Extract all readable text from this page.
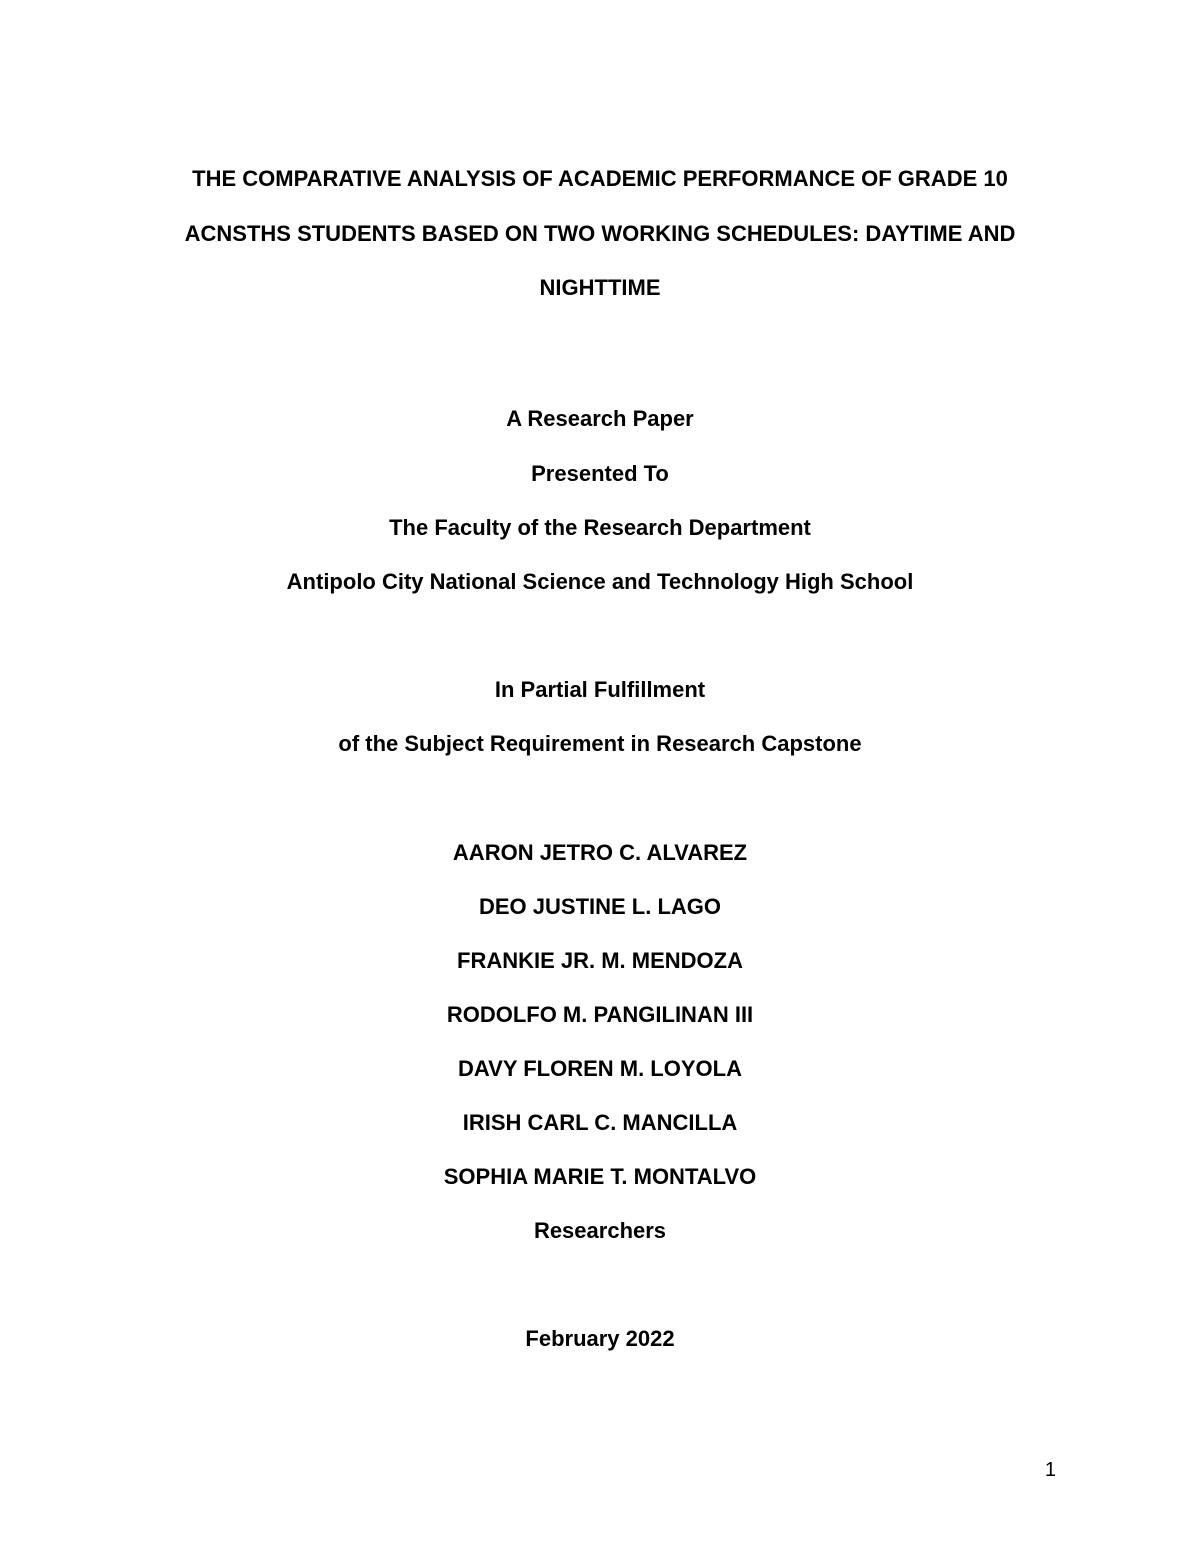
THE COMPARATIVE ANALYSIS OF ACADEMIC PERFORMANCE OF GRADE 10
ACNSTHS STUDENTS BASED ON TWO WORKING SCHEDULES: DAYTIME AND
NIGHTTIME
A Research Paper
Presented To
The Faculty of the Research Department
Antipolo City National Science and Technology High School
In Partial Fulfillment
of the Subject Requirement in Research Capstone
AARON JETRO C. ALVAREZ
DEO JUSTINE L. LAGO
FRANKIE JR. M. MENDOZA
RODOLFO M. PANGILINAN III
DAVY FLOREN M. LOYOLA
IRISH CARL C. MANCILLA
SOPHIA MARIE T. MONTALVO
Researchers
February 2022
1
